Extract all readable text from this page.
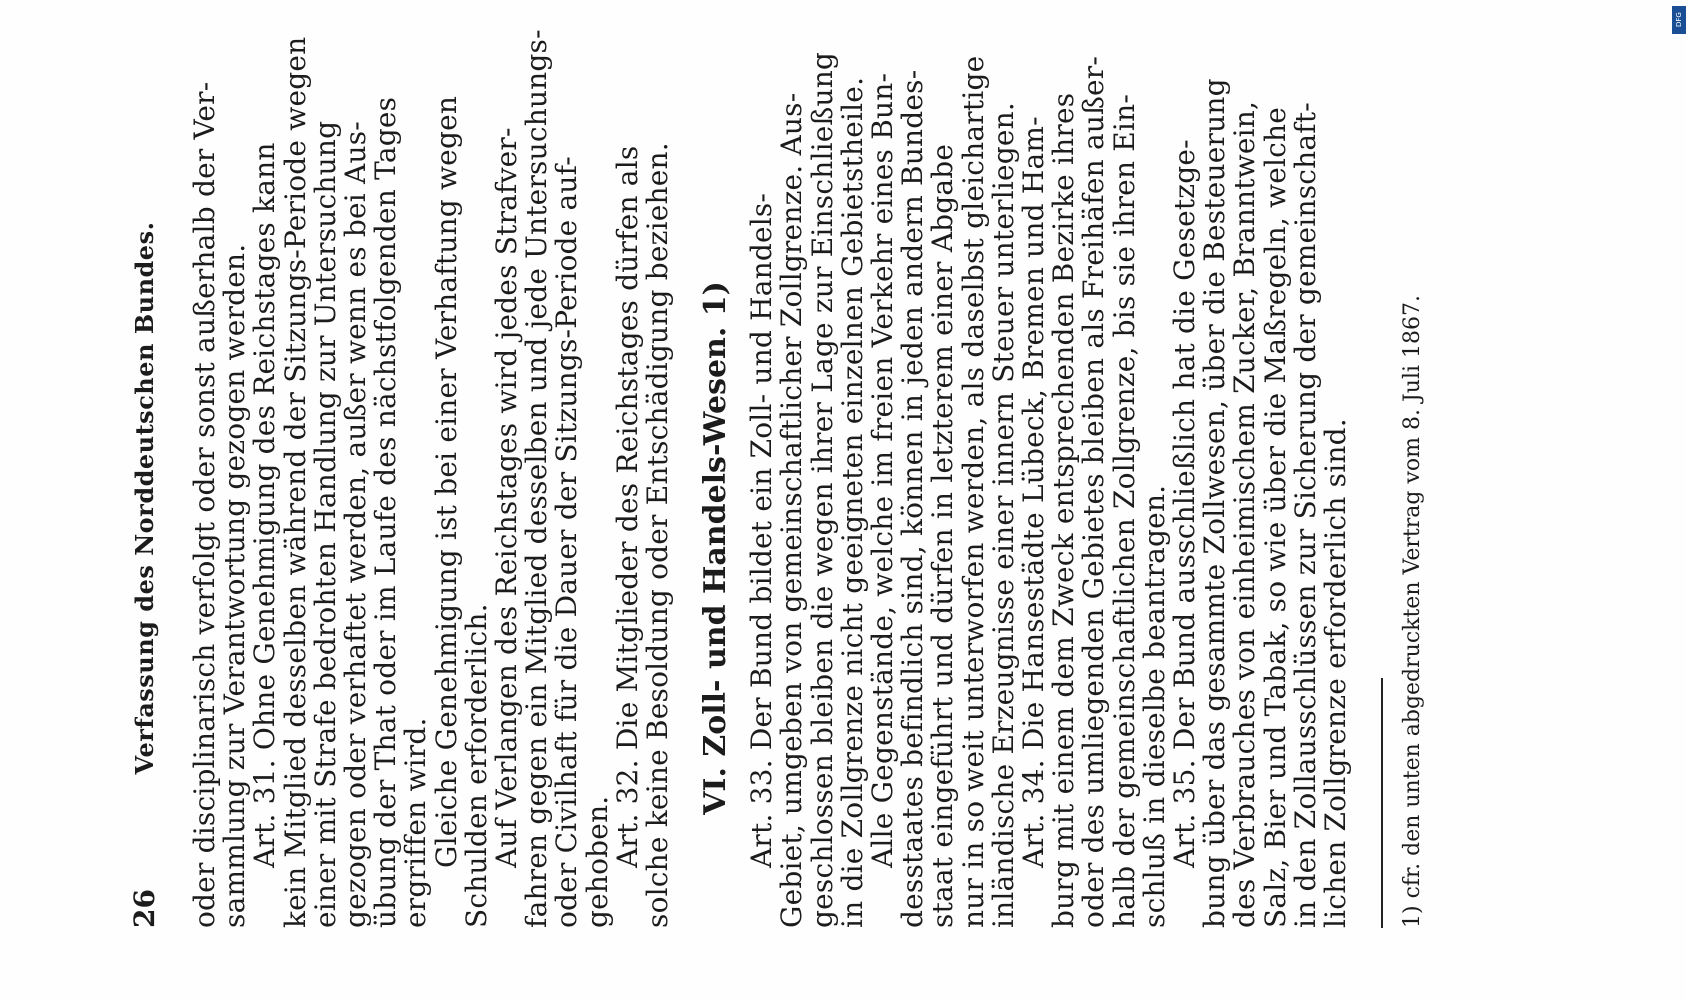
26
Verfassung des Norddeutschen Bundes. oder disciplinarisch verfolgt oder sonst außerhalb der Ver-
sammlung zur Verantwortung gezogen werden.
Art. 31. Ohne Genehmigung des Reichstages kann
kein Mitglied desselben während der Sitzungs-Periode wegen
einer mit Strafe bedrohten Handlung zur Untersuchung
gezogen oder verhaftet werden, außer wenn es bei Aus-
übung der That oder im Laufe des nächstfolgenden Tages
ergriffen wird.
Gleiche Genehmigung ist bei einer Verhaftung wegen
Schulden erforderlich.
Auf Verlangen des Reichstages wird jedes Strafver-
fahren gegen ein Mitglied desselben und jede Untersuchungs-
oder Civilhaft für die Dauer der Sitzungs-Periode auf-
gehoben.
Art. 32. Die Mitglieder des Reichstages dürfen als
solche keine Besoldung oder Entschädigung beziehen. VI. Zoll- und Handels-Wesen. 1) Art. 33. Der Bund bildet ein Zoll- und Handels-
Gebiet, umgeben von gemeinschaftlicher Zollgrenze. Aus-
geschlossen bleiben die wegen ihrer Lage zur Einschließung
in die Zollgrenze nicht geeigneten einzelnen Gebietstheile.
Alle Gegenstände, welche im freien Verkehr eines Bun-
desstaates befindlich sind, können in jeden andern Bundes-
staat eingeführt und dürfen in letzterem einer Abgabe
nur in so weit unterworfen werden, als daselbst gleichartige
inländische Erzeugnisse einer innern Steuer unterliegen.
Art. 34. Die Hansestädte Lübeck, Bremen und Ham-
burg mit einem dem Zweck entsprechenden Bezirke ihres
oder des umliegenden Gebietes bleiben als Freihäfen außer-
halb der gemeinschaftlichen Zollgrenze, bis sie ihren Ein-
schluß in dieselbe beantragen.
Art. 35. Der Bund ausschließlich hat die Gesetzge-
bung über das gesammte Zollwesen, über die Besteuerung
des Verbrauches von einheimischem Zucker, Branntwein,
Salz, Bier und Tabak, so wie über die Maßregeln, welche
in den Zollausschlüssen zur Sicherung der gemeinschaft-
lichen Zollgrenze erforderlich sind. 1) cfr. den unten abgedruckten Vertrag vom 8. Juli 1867.
DFG
